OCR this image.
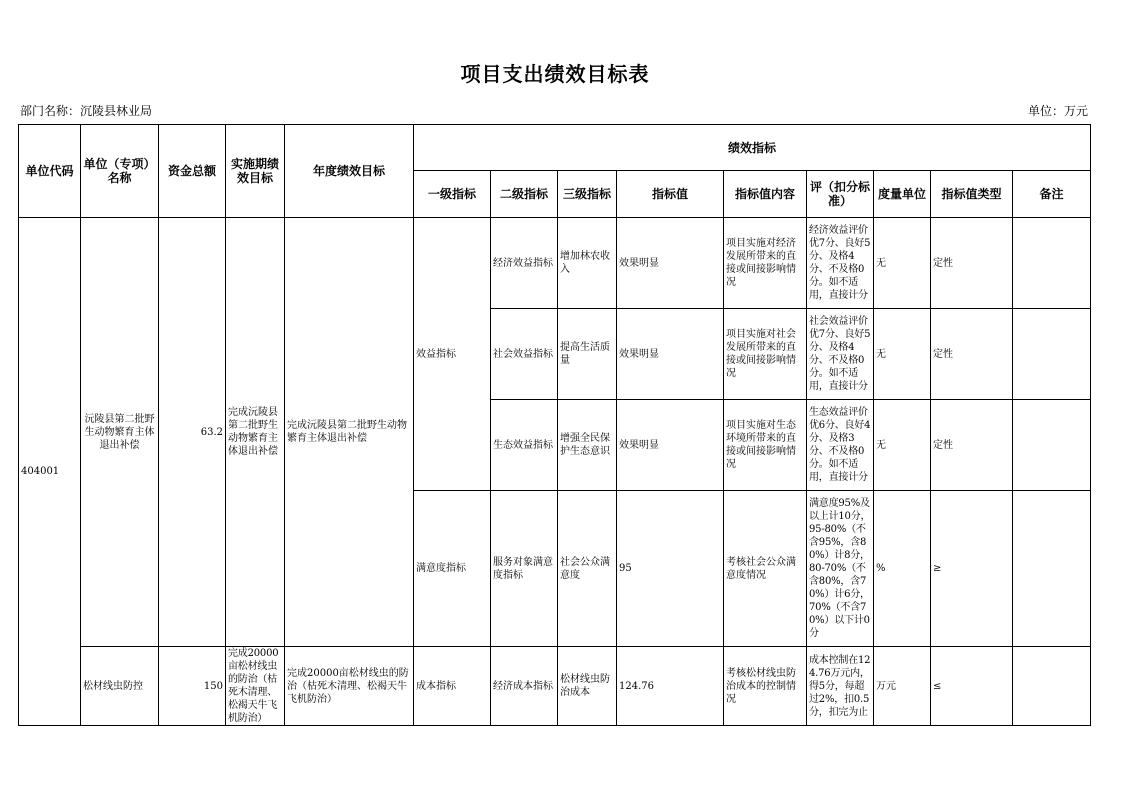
项目支出绩效目标表
部门名称：沉陵县林业局	单位：万元
单位代码	单位（专项）名称	资金总额	实施期绩效目标	年度绩效目标	绩效指标								
					一级指标	二级指标	三级指标	指标值	指标值内容	评（扣分标准）	度量单位	指标值类型	备注
404001	沅陵县第二批野生动物繁育主体退出补偿	63.2	完成沅陵县第二批野生动物繁育主体退出补偿	完成沅陵县第二批野生动物繁育主体退出补偿	效益指标	经济效益指标	增加林农收入	效果明显	项目实施对经济发展所带来的直接或间接影响情况	经济效益评价优7分、良好5分、及格4分、不及格0分。如不适用，直接计分	无	定性	
						社会效益指标	提高生活质量	效果明显	项目实施对社会发展所带来的直接或间接影响情况	社会效益评价优7分、良好5分、及格4分、不及格0分。如不适用，直接计分	无	定性	
						生态效益指标	增强全民保护生态意识	效果明显	项目实施对生态环境所带来的直接或间接影响情况	生态效益评价优6分、良好4分、及格3分、不及格0分。如不适用，直接计分	无	定性	
					满意度指标	服务对象满意度指标	社会公众满意度	95	考核社会公众满意度情况	满意度95%及以上计10分，95-80%（不含95%，含80%）计8分，80-70%（不含80%，含70%）计6分，70%（不含70%）以下计0分	%	≥	
	松材线虫防控	150	完成20000亩松材线虫的防治（枯死木清理、松褐天牛飞机防治）	完成20000亩松材线虫的防治（枯死木清理、松褐天牛飞机防治）	成本指标	经济成本指标	松材线虫防治成本	124.76	考核松材线虫防治成本的控制情况	成本控制在124.76万元内，得5分，每超过2%，扣0.5分，扣完为止	万元	≤	
